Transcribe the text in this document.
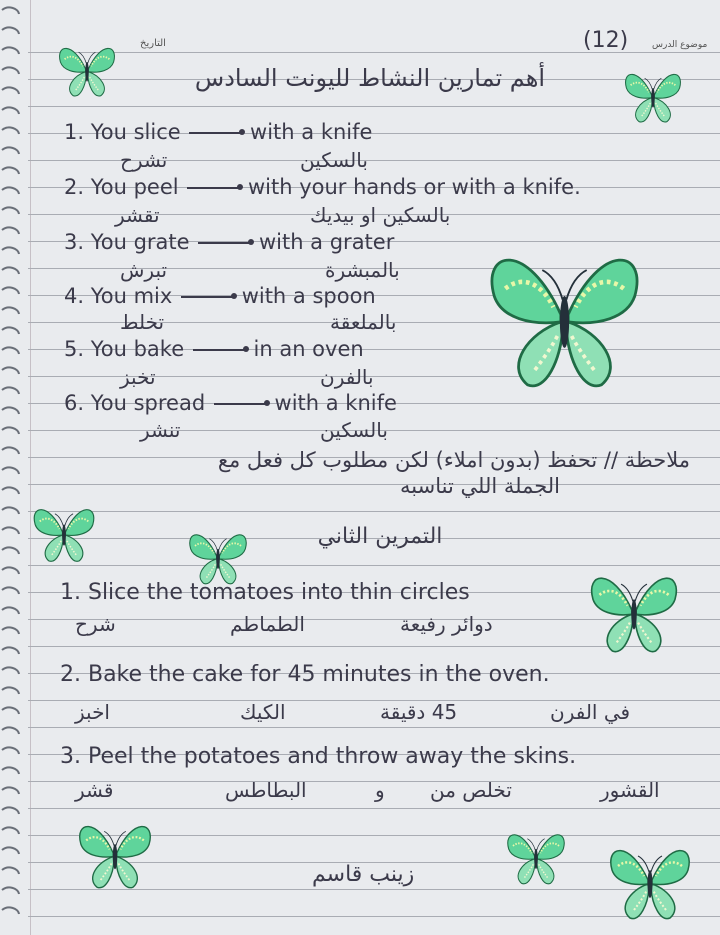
التاريخ	موضوع الدرس
(12)
أهم تمارين النشاط لليونت السادس
1. You slice	with a knife
تشرح	بالسكين
2. You peel	with your hands or with a knife.
تقشر	بالسكين او بيديك
3. You grate	with a grater
تبرش	بالمبشرة
4. You mix	with a spoon
تخلط	بالملعقة
5. You bake	in an oven
تخبز	بالفرن
6. You spread	with a knife
تنشر	بالسكين
ملاحظة // تحفظ (بدون املاء) لكن مطلوب كل فعل مع
الجملة اللي تناسبه
التمرين الثاني
1. Slice the tomatoes into thin circles
شرح	الطماطم	دوائر رفيعة
2. Bake the cake for 45 minutes in the oven.
اخبز	الكيك	45 دقيقة	في الفرن
3. Peel the potatoes and throw away the skins.
قشر	البطاطس	و تخلص من	القشور
زينب قاسم
